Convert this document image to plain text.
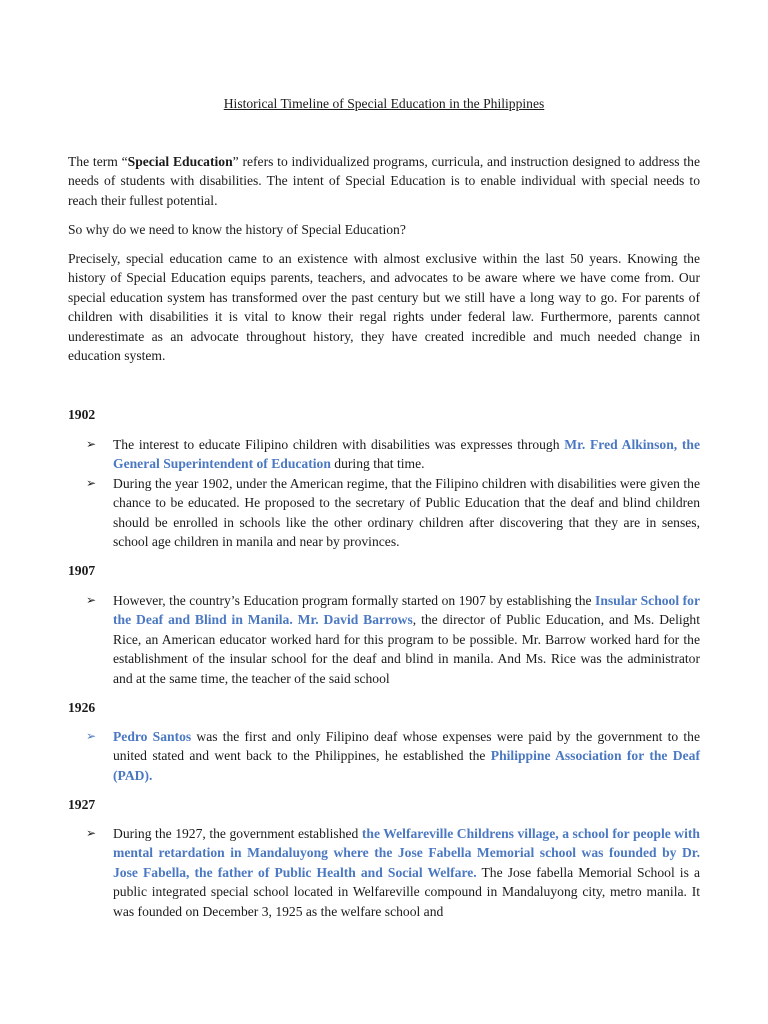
Historical Timeline of Special Education in the Philippines

The term “Special Education” refers to individualized programs, curricula, and instruction designed to address the needs of students with disabilities. The intent of Special Education is to enable individual with special needs to reach their fullest potential.

So why do we need to know the history of Special Education?

Precisely, special education came to an existence with almost exclusive within the last 50 years. Knowing the history of Special Education equips parents, teachers, and advocates to be aware where we have come from. Our special education system has transformed over the past century but we still have a long way to go. For parents of children with disabilities it is vital to know their regal rights under federal law. Furthermore, parents cannot underestimate as an advocate throughout history, they have created incredible and much needed change in education system.

1902

➢ The interest to educate Filipino children with disabilities was expresses through Mr. Fred Alkinson, the General Superintendent of Education during that time.
➢ During the year 1902, under the American regime, that the Filipino children with disabilities were given the chance to be educated. He proposed to the secretary of Public Education that the deaf and blind children should be enrolled in schools like the other ordinary children after discovering that they are in senses, school age children in manila and near by provinces.

1907

➢ However, the country’s Education program formally started on 1907 by establishing the Insular School for the Deaf and Blind in Manila. Mr. David Barrows, the director of Public Education, and Ms. Delight Rice, an American educator worked hard for this program to be possible. Mr. Barrow worked hard for the establishment of the insular school for the deaf and blind in manila. And Ms. Rice was the administrator and at the same time, the teacher of the said school

1926

➢ Pedro Santos was the first and only Filipino deaf whose expenses were paid by the government to the united stated and went back to the Philippines, he established the Philippine Association for the Deaf (PAD).

1927

➢ During the 1927, the government established the Welfareville Childrens village, a school for people with mental retardation in Mandaluyong where the Jose Fabella Memorial school was founded by Dr. Jose Fabella, the father of Public Health and Social Welfare. The Jose fabella Memorial School is a public integrated special school located in Welfareville compound in Mandaluyong city, metro manila. It was founded on December 3, 1925 as the welfare school and
